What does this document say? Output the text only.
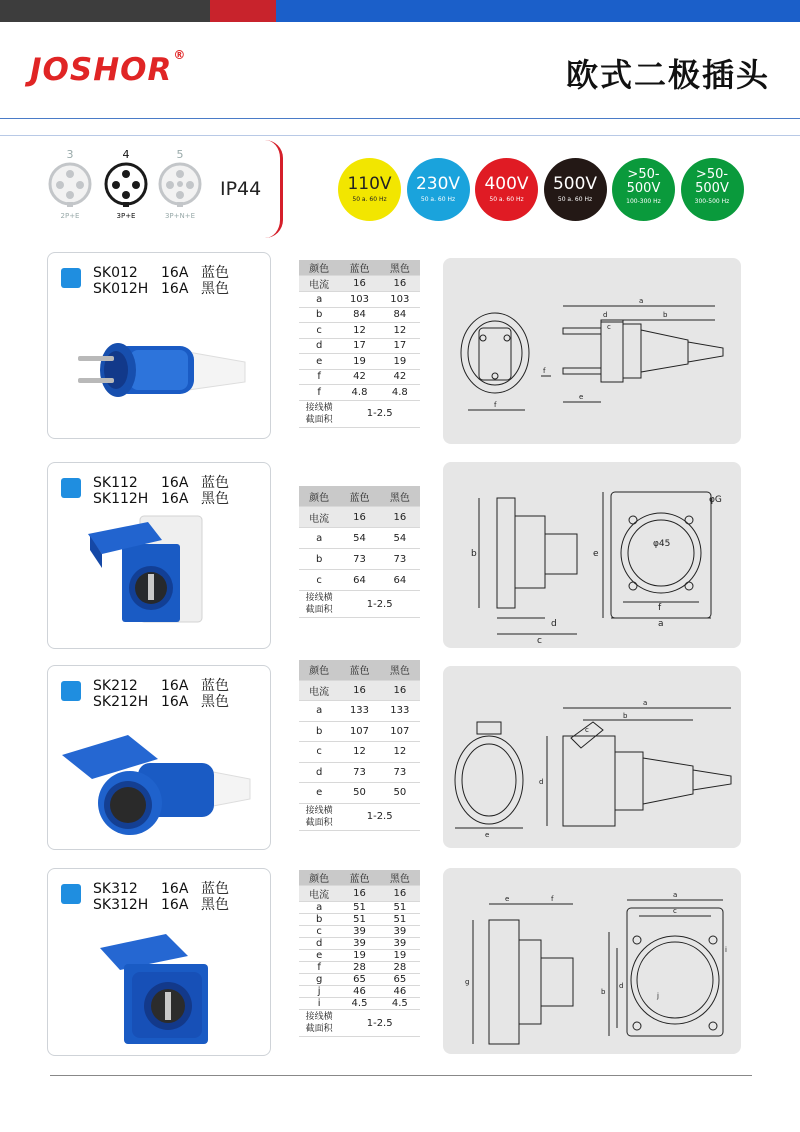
JOSHOR®
欧式二极插头
3
2P+E
4
3P+E
5
3P+N+E
IP44	110V
50 a. 60 Hz
230V
50 a. 60 Hz
400V
50 a. 60 Hz
500V
50 a. 60 Hz
>50-500V
100-300 Hz
>50-500V
300-500 Hz
SK012 16A 蓝色
SK012H 16A 黑色
SK112 16A 蓝色
SK112H 16A 黑色
SK212 16A 蓝色
SK212H 16A 黑色
SK312 16A 蓝色
SK312H 16A 黑色
颜色	蓝色	黑色
电流	16	16
a	103	103
b	84	84
c	12	12
d	17	17
e	19	19
f	42	42
f	4.8	4.8
接线横
截面积	1-2.5	
颜色	蓝色	黑色
电流	16	16
a	54	54
b	73	73
c	64	64
接线横
截面积	1-2.5	
颜色	蓝色	黑色
电流	16	16
a	133	133
b	107	107
c	12	12
d	73	73
e	50	50
接线横
截面积	1-2.5	
颜色	蓝色	黑色
电流	16	16
a	51	51
b	51	51
c	39	39
d	39	39
e	19	19
f	28	28
g	65	65
j	46	46
i	4.5	4.5
接线横
截面积	1-2.5	
a
b
c
d
e
f
f
b
c
d
e
f
a
φG
φ45
a
b
c
d
e
e	f	a
c
g	d
b
i
j
